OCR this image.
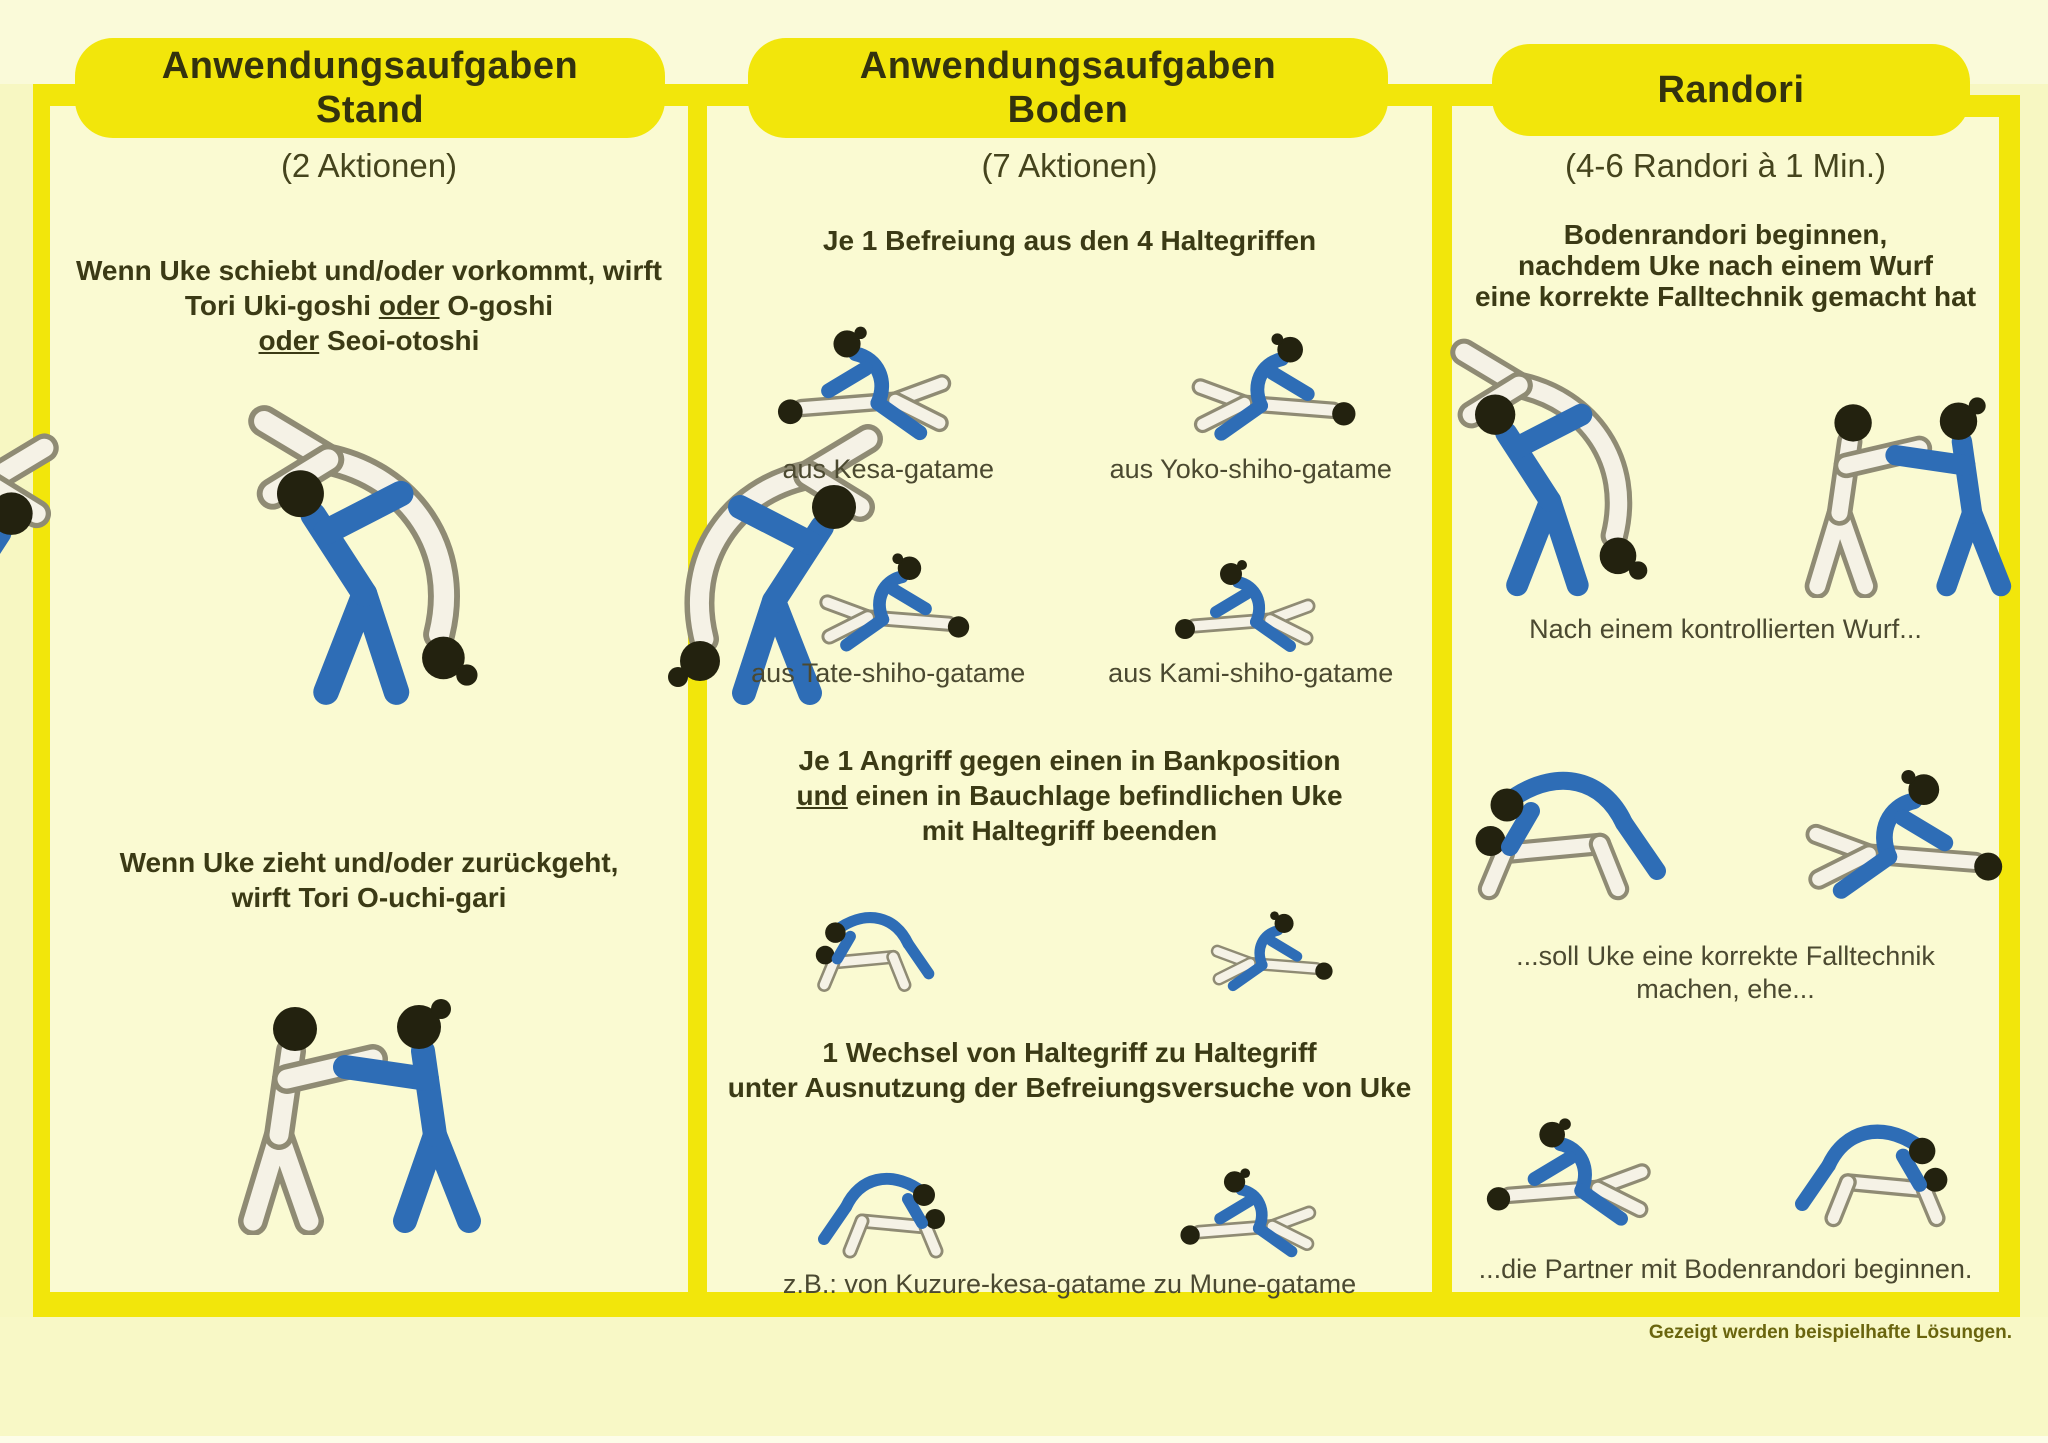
Anwendungsaufgaben
Stand
Anwendungsaufgaben
Boden	Randori
(2 Aktionen)
Wenn Uke schiebt und/oder vorkommt, wirft
Tori Uki-goshi oder O-goshi
oder Seoi-otoshi
Wenn Uke zieht und/oder zurückgeht,
wirft Tori O-uchi-gari
(7 Aktionen)
Je 1 Befreiung aus den 4 Haltegriffen
aus Kesa-gatame	aus Yoko-shiho-gatame
aus Tate-shiho-gatame	aus Kami-shiho-gatame
Je 1 Angriff gegen einen in Bankposition
und einen in Bauchlage befindlichen Uke
mit Haltegriff beenden
1 Wechsel von Haltegriff zu Haltegriff
unter Ausnutzung der Befreiungsversuche von Uke
z.B.: von Kuzure-kesa-gatame zu Mune-gatame
(4-6 Randori à 1 Min.)
Bodenrandori beginnen,
nachdem Uke nach einem Wurf
eine korrekte Falltechnik gemacht hat
Nach einem kontrollierten Wurf...
...soll Uke eine korrekte Falltechnik
machen, ehe...
...die Partner mit Bodenrandori beginnen.
Gezeigt werden beispielhafte Lösungen.
